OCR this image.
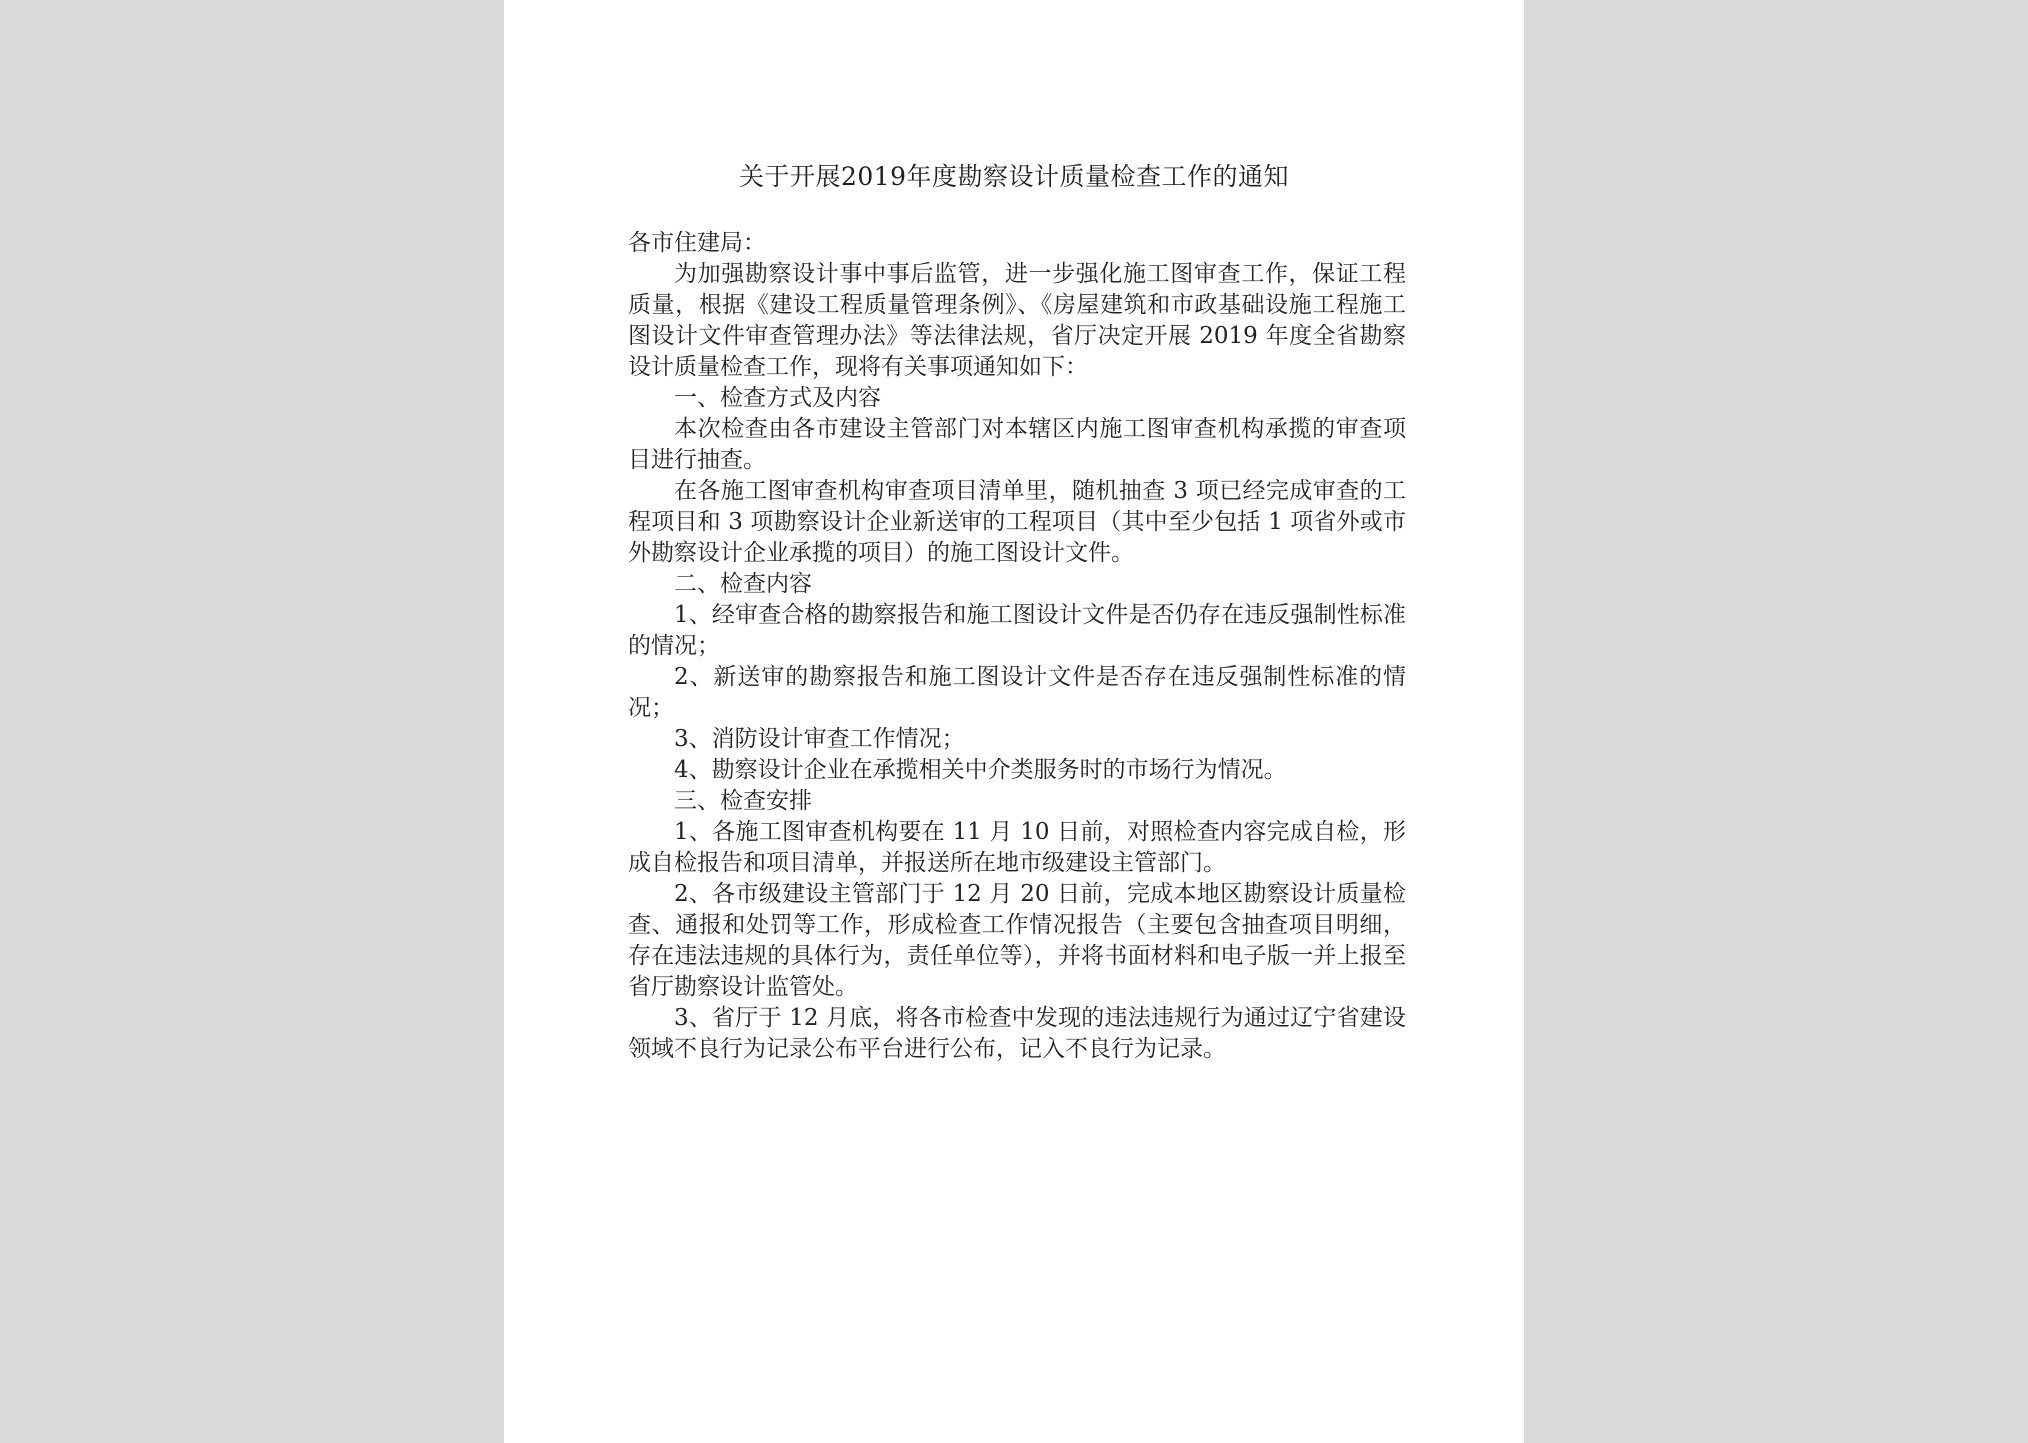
关于开展2019年度勘察设计质量检查工作的通知

各市住建局：

为加强勘察设计事中事后监管，进一步强化施工图审查工作，保证工程质量，根据《建设工程质量管理条例》、《房屋建筑和市政基础设施工程施工图设计文件审查管理办法》等法律法规，省厅决定开展 2019 年度全省勘察设计质量检查工作，现将有关事项通知如下：

一、检查方式及内容

本次检查由各市建设主管部门对本辖区内施工图审查机构承揽的审查项目进行抽查。

在各施工图审查机构审查项目清单里，随机抽查 3 项已经完成审查的工程项目和 3 项勘察设计企业新送审的工程项目（其中至少包括 1 项省外或市外勘察设计企业承揽的项目）的施工图设计文件。

二、检查内容

1、经审查合格的勘察报告和施工图设计文件是否仍存在违反强制性标准的情况；

2、新送审的勘察报告和施工图设计文件是否存在违反强制性标准的情况；

3、消防设计审查工作情况；

4、勘察设计企业在承揽相关中介类服务时的市场行为情况。

三、检查安排

1、各施工图审查机构要在 11 月 10 日前，对照检查内容完成自检，形成自检报告和项目清单，并报送所在地市级建设主管部门。

2、各市级建设主管部门于 12 月 20 日前，完成本地区勘察设计质量检查、通报和处罚等工作，形成检查工作情况报告（主要包含抽查项目明细，存在违法违规的具体行为，责任单位等），并将书面材料和电子版一并上报至省厅勘察设计监管处。

3、省厅于 12 月底，将各市检查中发现的违法违规行为通过辽宁省建设领域不良行为记录公布平台进行公布，记入不良行为记录。
